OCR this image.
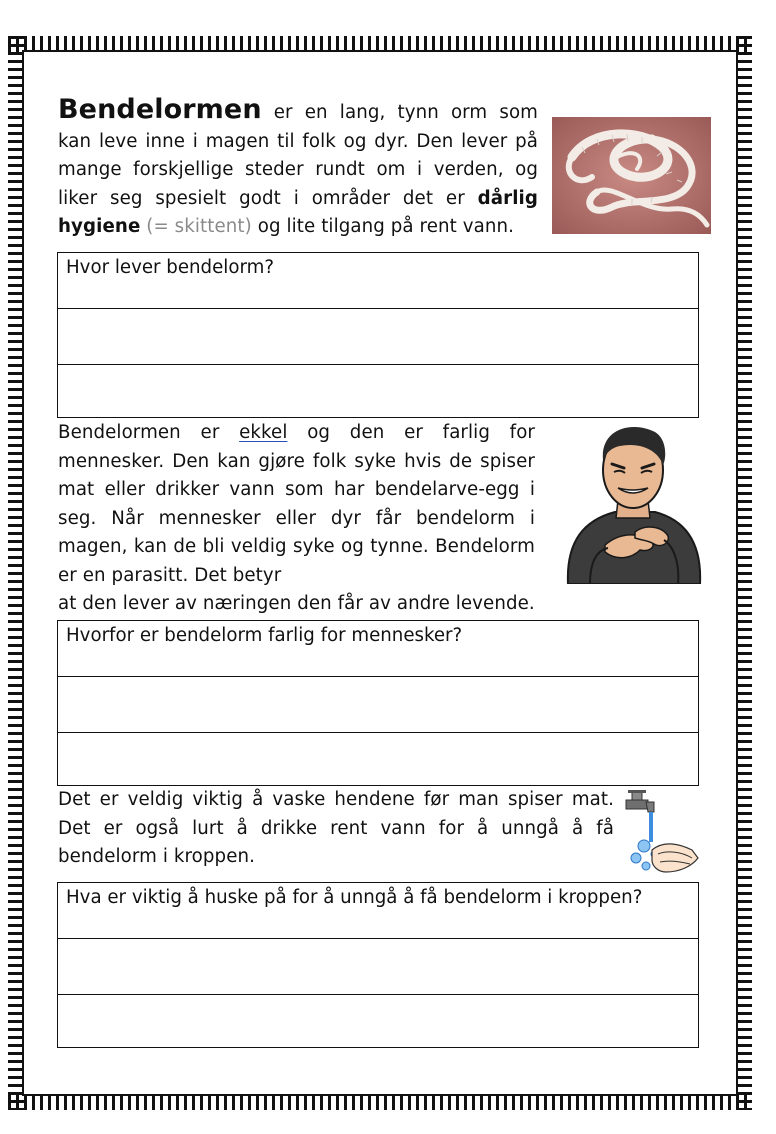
Bendelormen er en lang, tynn orm som kan leve inne i magen til folk og dyr. Den lever på mange forskjellige steder rundt om i verden, og liker seg spesielt godt i områder det er dårlig hygiene (= skittent) og lite tilgang på rent vann.
Hvor lever bendelorm?
Bendelormen er ekkel og den er farlig for mennesker. Den kan gjøre folk syke hvis de spiser mat eller drikker vann som har bendelarve-egg i seg. Når mennesker eller dyr får bendelorm i magen, kan de bli veldig syke og tynne. Bendelorm er en parasitt. Det betyr
at den lever av næringen den får av andre levende.
Hvorfor er bendelorm farlig for mennesker?
Det er veldig viktig å vaske hendene før man spiser mat. Det er også lurt å drikke rent vann for å unngå å få bendelorm i kroppen.
Hva er viktig å huske på for å unngå å få bendelorm i kroppen?
